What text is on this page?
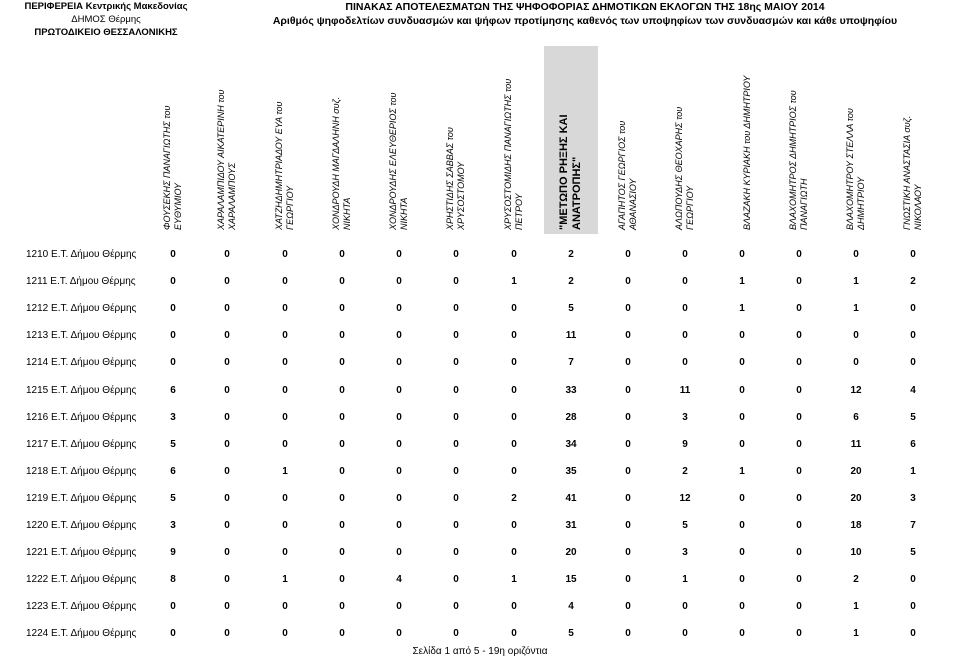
ΠΕΡΙΦΕΡΕΙΑ Κεντρικής Μακεδονίας
ΔΗΜΟΣ Θέρμης
ΠΡΩΤΟΔΙΚΕΙΟ ΘΕΣΣΑΛΟΝΙΚΗΣ
ΠΙΝΑΚΑΣ ΑΠΟΤΕΛΕΣΜΑΤΩΝ ΤΗΣ ΨΗΦΟΦΟΡΙΑΣ ΔΗΜΟΤΙΚΩΝ ΕΚΛΟΓΩΝ ΤΗΣ 18ης ΜΑΙΟΥ 2014
Αριθμός ψηφοδελτίων συνδυασμών και ψήφων προτίμησης καθενός των υποψηφίων των συνδυασμών και κάθε υποψηφίου
ΦΟΥΣΕΚΗΣ ΠΑΝΑΓΙΩΤΗΣ του ΕΥΘΥΜΙΟΥ	ΧΑΡΑΛΑΜΠΙΔΟΥ ΑΙΚΑΤΕΡΙΝΗ του ΧΑΡΑΛΑΜΠΟΥΣ	ΧΑΤΖΗΔΗΜΗΤΡΙΑΔΟΥ ΕΥΑ του ΓΕΩΡΓΙΟΥ	ΧΟΝΔΡΟΥΔΗ ΜΑΓΔΑΛΗΝΗ συζ. ΝΙΚΗΤΑ	ΧΟΝΔΡΟΥΔΗΣ ΕΛΕΥΘΕΡΙΟΣ του ΝΙΚΗΤΑ	ΧΡΗΣΤΙΔΗΣ ΣΑΒΒΑΣ του ΧΡΥΣΟΣΤΟΜΟΥ	ΧΡΥΣΟΣΤΟΜΙΔΗΣ ΠΑΝΑΓΙΩΤΗΣ του ΠΕΤΡΟΥ	"ΜΕΤΩΠΟ ΡΗΞΗΣ ΚΑΙ ΑΝΑΤΡΟΠΗΣ"	ΑΓΑΠΗΤΟΣ ΓΕΩΡΓΙΟΣ του ΑΘΑΝΑΣΙΟΥ	ΑΛΩΠΟΥΔΗΣ ΘΕΟΧΑΡΗΣ του ΓΕΩΡΓΙΟΥ	ΒΛΑΖΑΚΗ ΚΥΡΙΑΚΗ του ΔΗΜΗΤΡΙΟΥ	ΒΛΑΧΟΜΗΤΡΟΣ ΔΗΜΗΤΡΙΟΣ του ΠΑΝΑΓΙΩΤΗ	ΒΛΑΧΟΜΗΤΡΟΥ ΣΤΕΛΛΑ του ΔΗΜΗΤΡΙΟΥ	ΓΝΩΣΤΙΚΗ ΑΝΑΣΤΑΣΙΑ συζ. ΝΙΚΟΛΑΟΥ
1210 Ε.Τ. Δήμου Θέρμης	0	0	0	0	0	0	0	2	0	0	0	0	0	0
1211 Ε.Τ. Δήμου Θέρμης	0	0	0	0	0	0	1	2	0	0	1	0	1	2
1212 Ε.Τ. Δήμου Θέρμης	0	0	0	0	0	0	0	5	0	0	1	0	1	0
1213 Ε.Τ. Δήμου Θέρμης	0	0	0	0	0	0	0	11	0	0	0	0	0	0
1214 Ε.Τ. Δήμου Θέρμης	0	0	0	0	0	0	0	7	0	0	0	0	0	0
1215 Ε.Τ. Δήμου Θέρμης	6	0	0	0	0	0	0	33	0	11	0	0	12	4
1216 Ε.Τ. Δήμου Θέρμης	3	0	0	0	0	0	0	28	0	3	0	0	6	5
1217 Ε.Τ. Δήμου Θέρμης	5	0	0	0	0	0	0	34	0	9	0	0	11	6
1218 Ε.Τ. Δήμου Θέρμης	6	0	1	0	0	0	0	35	0	2	1	0	20	1
1219 Ε.Τ. Δήμου Θέρμης	5	0	0	0	0	0	2	41	0	12	0	0	20	3
1220 Ε.Τ. Δήμου Θέρμης	3	0	0	0	0	0	0	31	0	5	0	0	18	7
1221 Ε.Τ. Δήμου Θέρμης	9	0	0	0	0	0	0	20	0	3	0	0	10	5
1222 Ε.Τ. Δήμου Θέρμης	8	0	1	0	4	0	1	15	0	1	0	0	2	0
1223 Ε.Τ. Δήμου Θέρμης	0	0	0	0	0	0	0	4	0	0	0	0	1	0
1224 Ε.Τ. Δήμου Θέρμης	0	0	0	0	0	0	0	5	0	0	0	0	1	0
Σελίδα 1 από 5 - 19η οριζόντια
